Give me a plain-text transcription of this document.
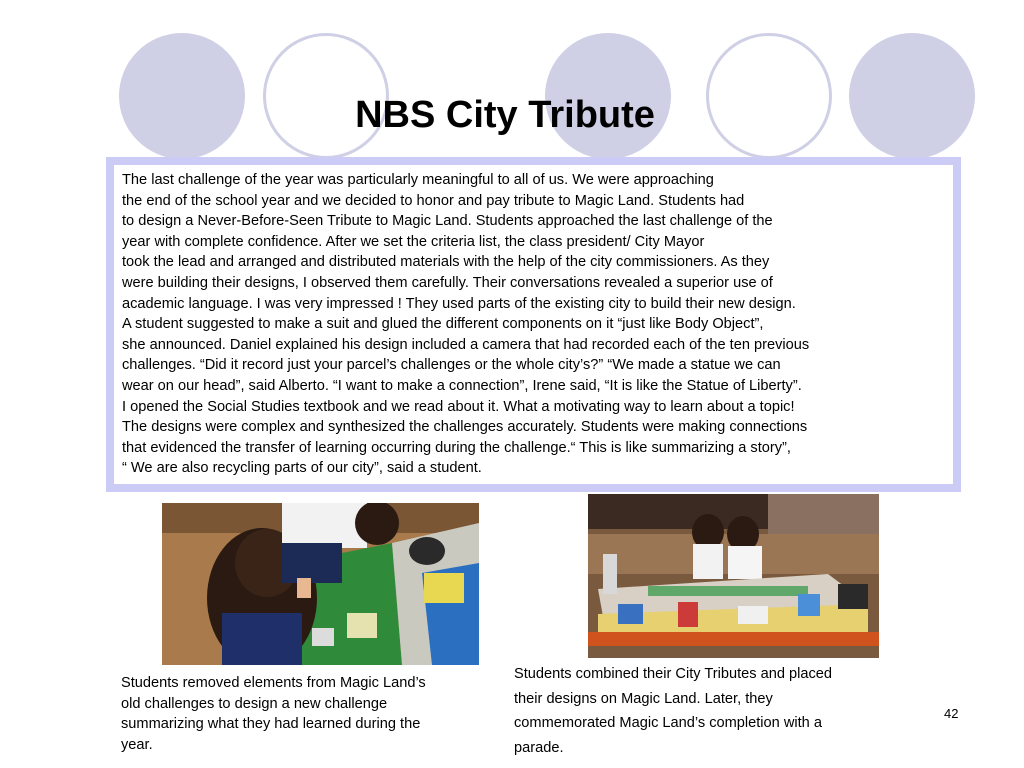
NBS City Tribute
The last challenge of the year was particularly meaningful to all of us. We were approaching
the end of the school year and we decided to honor and pay tribute to Magic Land. Students had
to design a Never-Before-Seen Tribute to Magic Land. Students approached the last challenge of the
year with complete confidence. After we set the criteria list, the class president/ City Mayor
took the lead and arranged and distributed materials with the help of the city commissioners. As they
were building their designs, I observed them carefully. Their conversations revealed a superior use of
academic language. I was very impressed ! They used parts of the existing city to build their new design.
A student suggested to make a suit and glued the different components on it “just like Body Object”,
she announced. Daniel explained his design included a camera that had recorded each of the ten previous
challenges. “Did it record just your parcel’s challenges or the whole city’s?” “We made a statue we can
wear on our head”, said Alberto. “I want to make a connection”, Irene said, “It is like the Statue of Liberty”.
I opened the Social Studies textbook and we read about it. What a motivating way to learn about a topic!
The designs were complex and synthesized the challenges accurately. Students were making connections
that evidenced the transfer of learning occurring during the challenge.“ This is like summarizing a story”,
“ We are also recycling parts of our city”, said a student.
Students removed elements from Magic Land’s
old challenges to design a new challenge
summarizing what they had learned during the
year.
Students combined their City Tributes and placed
their designs on Magic Land. Later, they
commemorated Magic Land’s completion with a
parade.
42
